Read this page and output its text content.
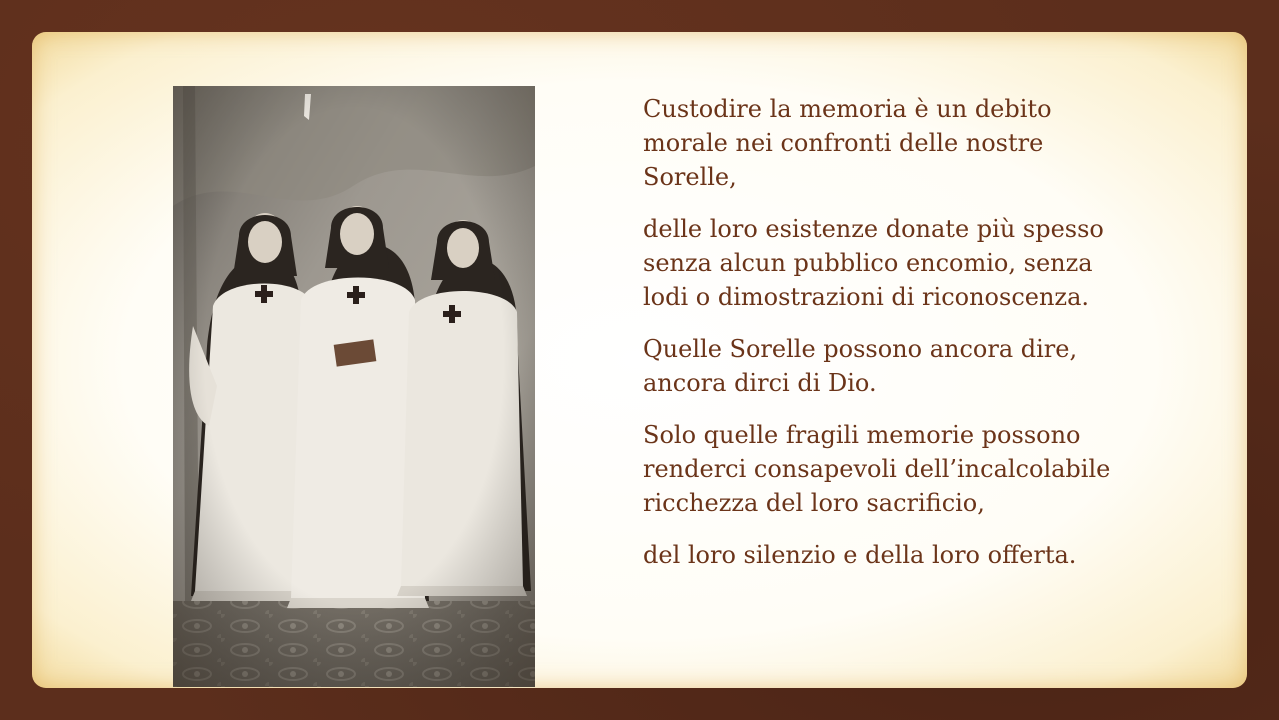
Custodire la memoria è un debito
morale nei confronti delle nostre
Sorelle,

delle loro esistenze donate più spesso
senza alcun pubblico encomio, senza
lodi o dimostrazioni di riconoscenza.

Quelle Sorelle possono ancora dire,
ancora dirci di Dio.

Solo quelle fragili memorie possono
renderci consapevoli dell’incalcolabile
ricchezza del loro sacrificio,

del loro silenzio e della loro offerta.
